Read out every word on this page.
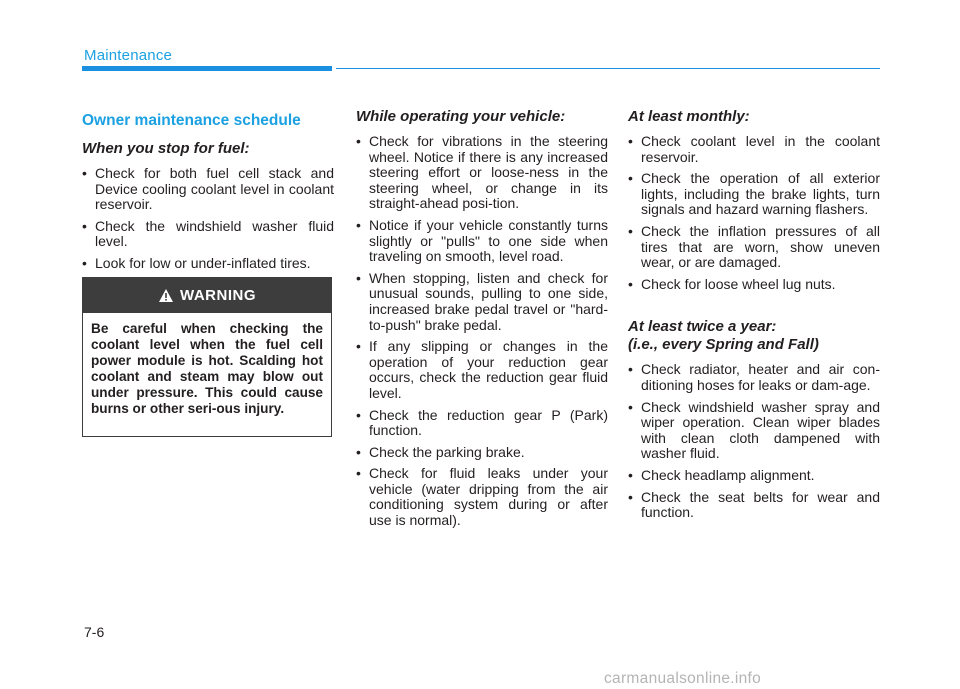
Maintenance
Owner maintenance schedule
When you stop for fuel:
• Check for both fuel cell stack and Device cooling coolant level in coolant reservoir.
• Check the windshield washer fluid level.
• Look for low or under-inflated tires.
WARNING
Be careful when checking the coolant level when the fuel cell power module is hot. Scalding hot coolant and steam may blow out under pressure. This could cause burns or other seri-ous injury.
While operating your vehicle:
• Check for vibrations in the steering wheel. Notice if there is any increased steering effort or loose-ness in the steering wheel, or change in its straight-ahead posi-tion.
• Notice if your vehicle constantly turns slightly or "pulls" to one side when traveling on smooth, level road.
• When stopping, listen and check for unusual sounds, pulling to one side, increased brake pedal travel or "hard-to-push" brake pedal.
• If any slipping or changes in the operation of your reduction gear occurs, check the reduction gear fluid level.
• Check the reduction gear P (Park) function.
• Check the parking brake.
• Check for fluid leaks under your vehicle (water dripping from the air conditioning system during or after use is normal).
At least monthly:
• Check coolant level in the coolant reservoir.
• Check the operation of all exterior lights, including the brake lights, turn signals and hazard warning flashers.
• Check the inflation pressures of all tires that are worn, show uneven wear, or are damaged.
• Check for loose wheel lug nuts.
At least twice a year:
(i.e., every Spring and Fall)
• Check radiator, heater and air con-ditioning hoses for leaks or dam-age.
• Check windshield washer spray and wiper operation. Clean wiper blades with clean cloth dampened with washer fluid.
• Check headlamp alignment.
• Check the seat belts for wear and function.
7-6
carmanualsonline.info
